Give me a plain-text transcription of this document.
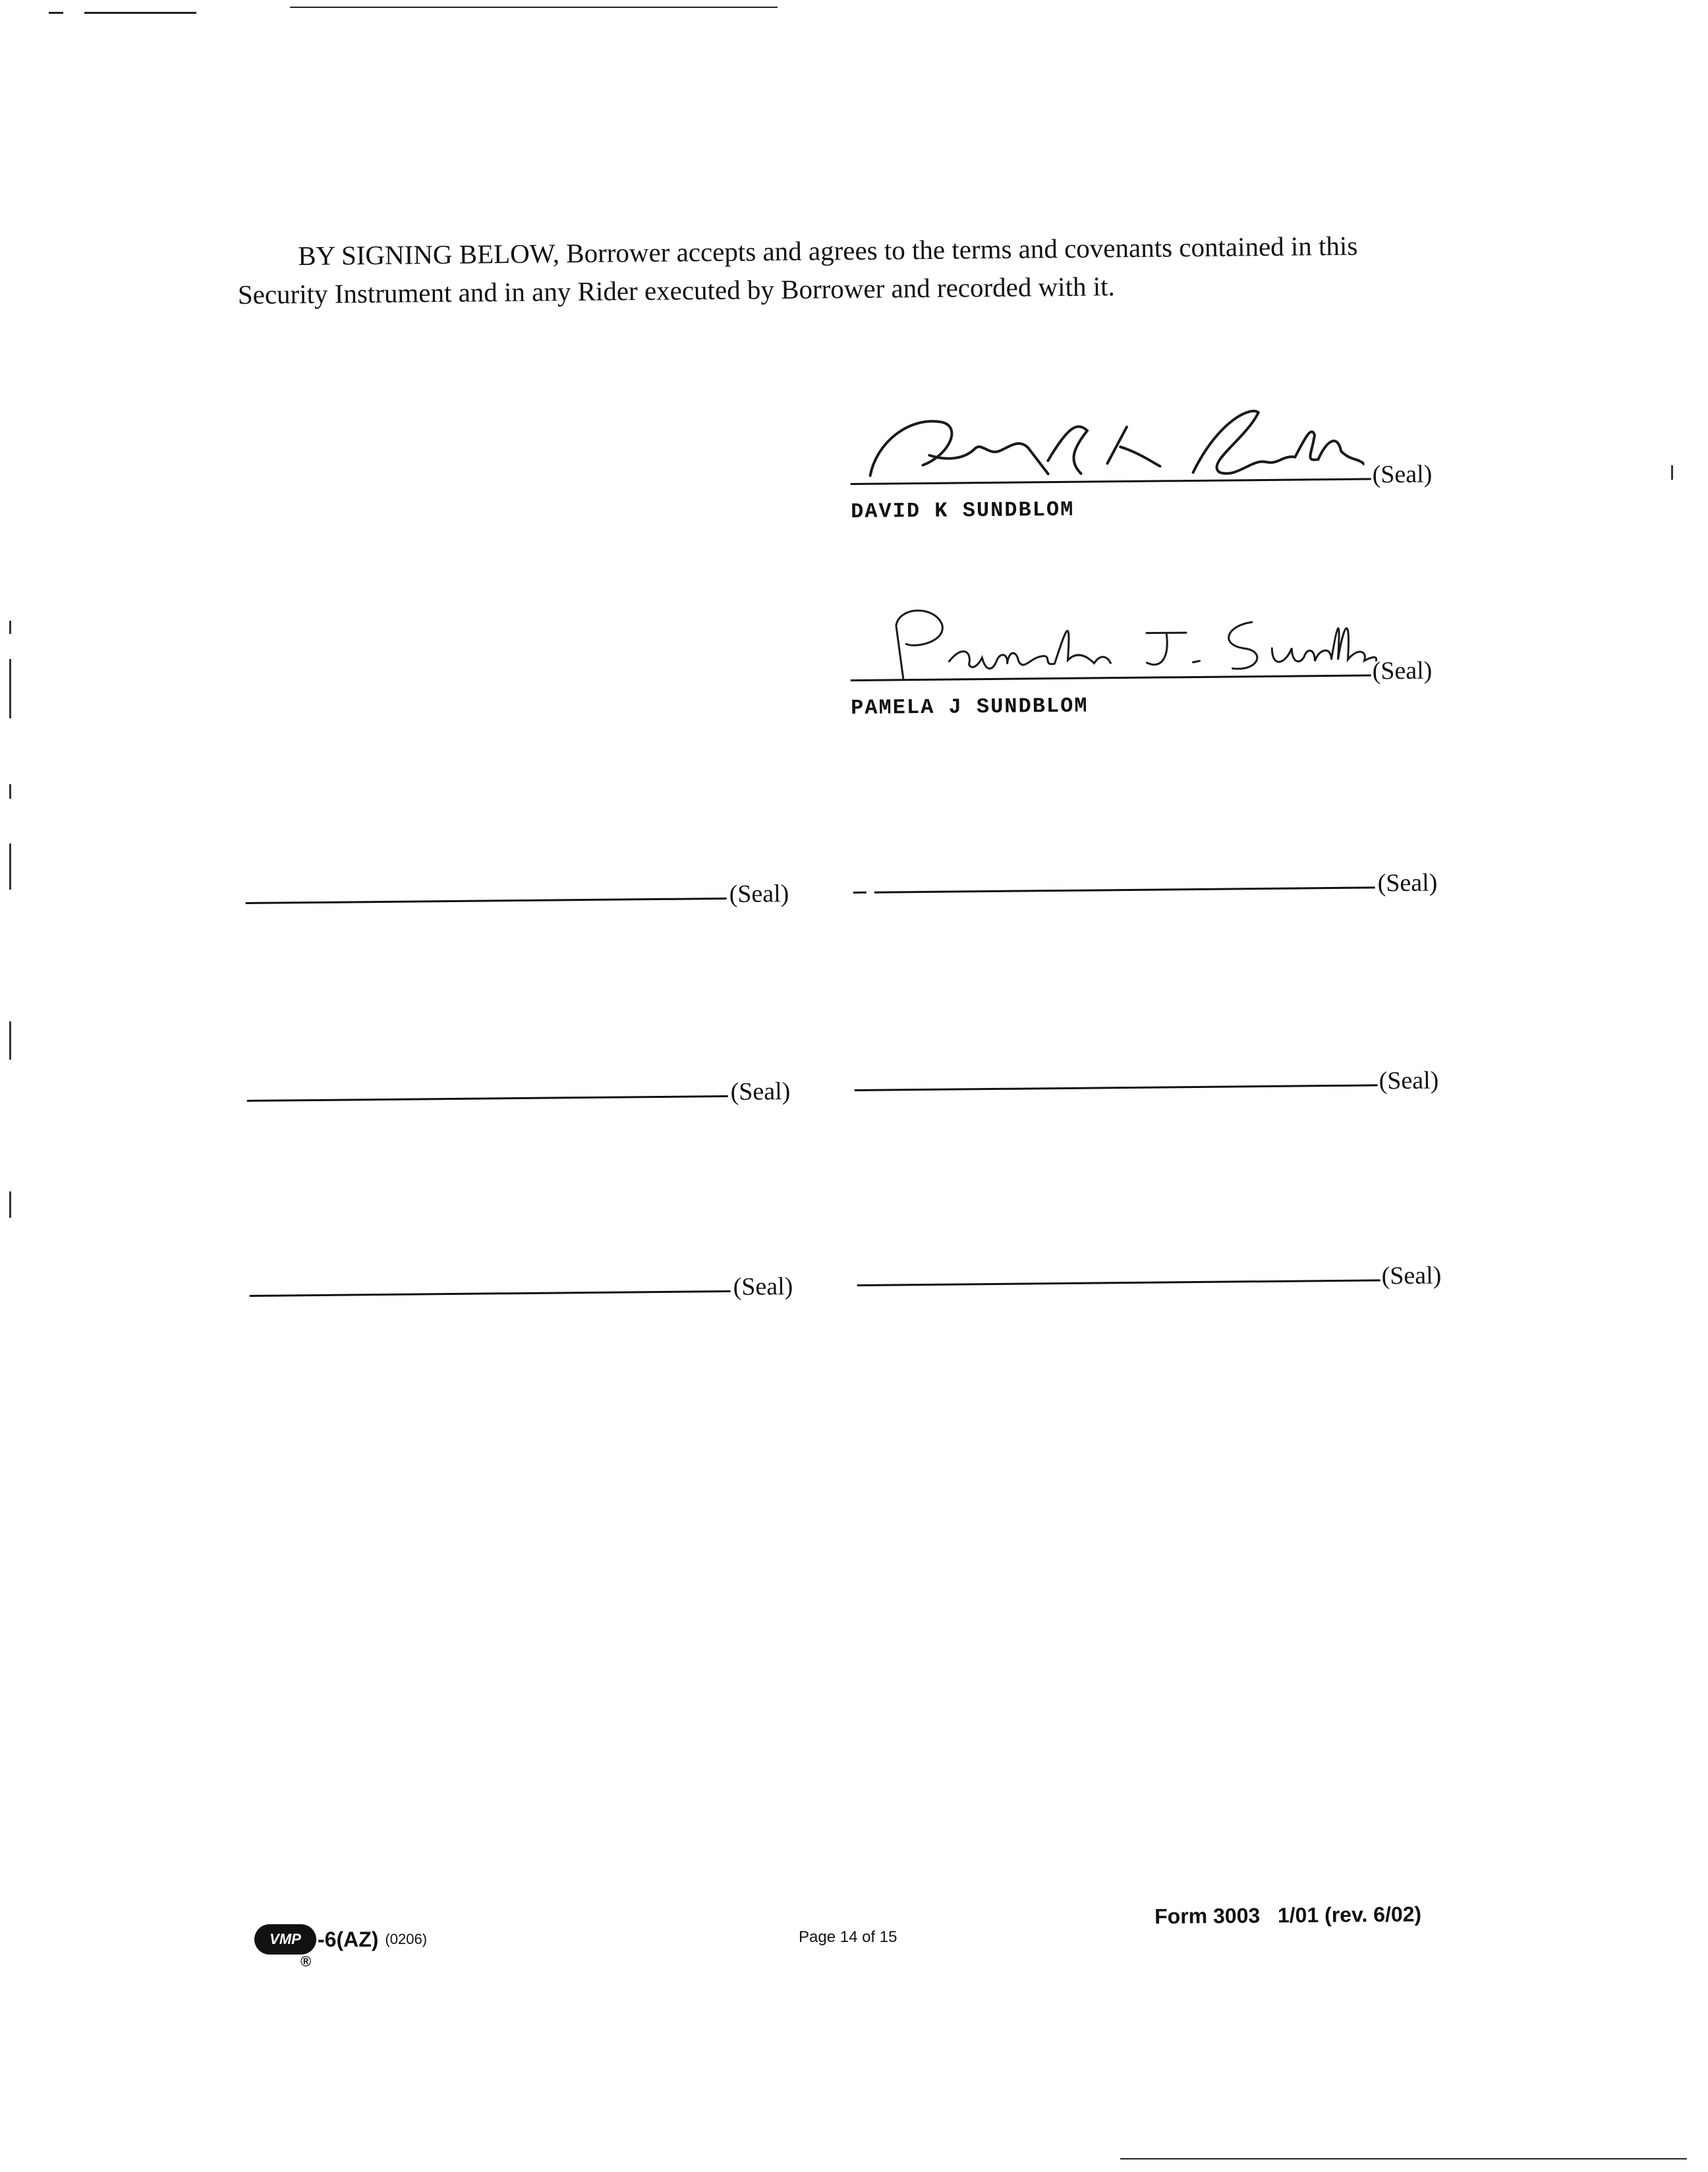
BY SIGNING BELOW, Borrower accepts and agrees to the terms and covenants contained in this

Security Instrument and in any Rider executed by Borrower and recorded with it.

(Seal)
DAVID K SUNDBLOM
(Seal)
PAMELA J SUNDBLOM
(Seal)
(Seal)
(Seal)
(Seal)
(Seal)
(Seal)
VMP
®
-6(AZ) (0206)	Page 14 of 15
Form 3003   1/01 (rev. 6/02)
